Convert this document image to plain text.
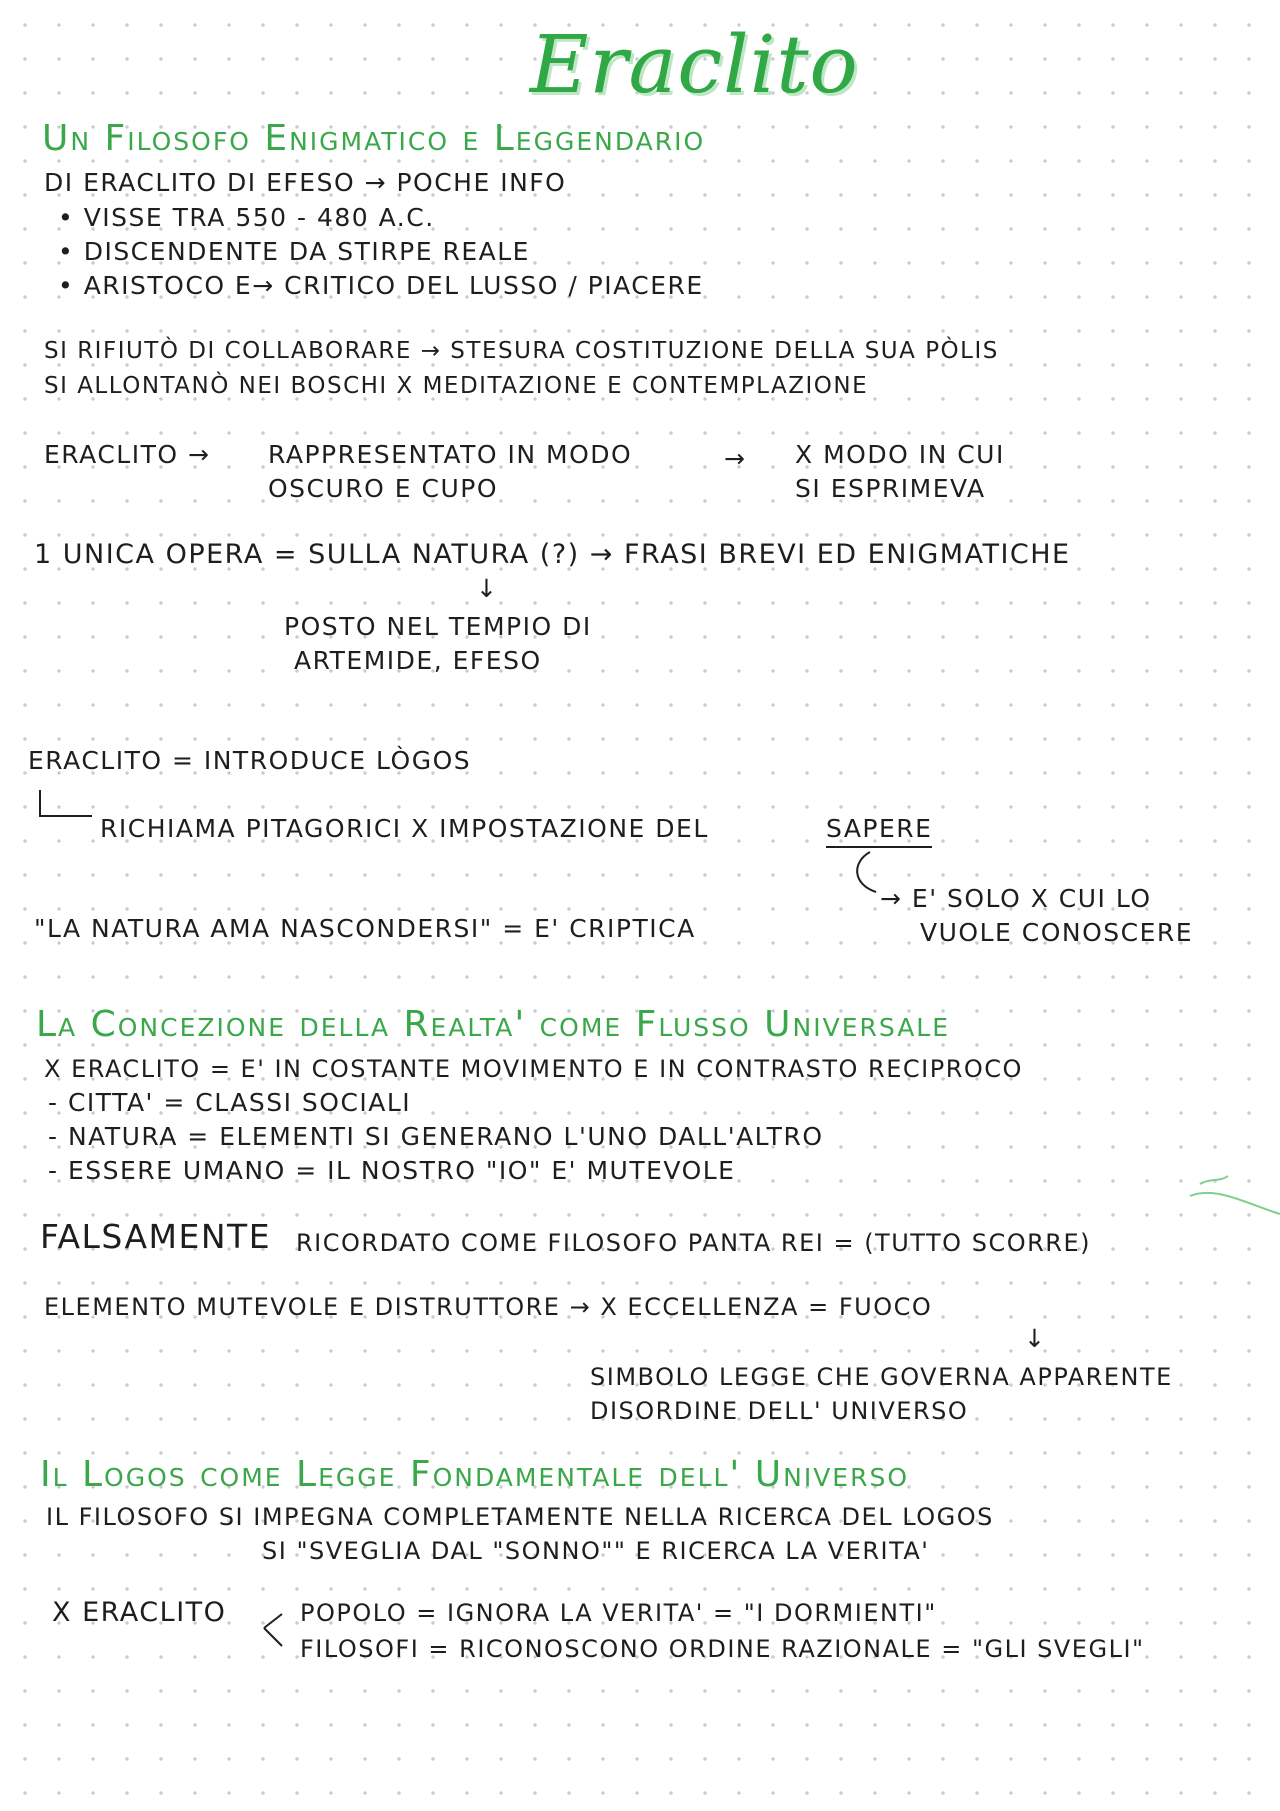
Eraclito
Un Filosofo Enigmatico e Leggendario
DI ERACLITO DI EFESO → POCHE INFO
• VISSE TRA 550 - 480 A.C.
• DISCENDENTE DA STIRPE REALE
• ARISTOCO E→ CRITICO DEL LUSSO / PIACERE
SI RIFIUTÒ DI COLLABORARE → STESURA COSTITUZIONE DELLA SUA PÒLIS
SI ALLONTANÒ NEI BOSCHI X MEDITAZIONE E CONTEMPLAZIONE
ERACLITO → RAPPRESENTATO IN MODO
OSCURO E CUPO
→ X MODO IN CUI
SI ESPRIMEVA
1 UNICA OPERA = SULLA NATURA (?) → FRASI BREVI ED ENIGMATICHE
↓
POSTO NEL TEMPIO DI
ARTEMIDE, EFESO
ERACLITO = INTRODUCE LÒGOS
RICHIAMA PITAGORICI X IMPOSTAZIONE DEL	SAPERE
→ E' SOLO X CUI LO
VUOLE CONOSCERE
"LA NATURA AMA NASCONDERSI" = E' CRIPTICA
La Concezione della Realta' come Flusso Universale
X ERACLITO = E' IN COSTANTE MOVIMENTO E IN CONTRASTO RECIPROCO
- CITTA' = CLASSI SOCIALI
- NATURA = ELEMENTI SI GENERANO L'UNO DALL'ALTRO
- ESSERE UMANO = IL NOSTRO "IO" E' MUTEVOLE
FALSAMENTE RICORDATO COME FILOSOFO PANTA REI = (TUTTO SCORRE)
ELEMENTO MUTEVOLE E DISTRUTTORE → X ECCELLENZA = FUOCO
↓
SIMBOLO LEGGE CHE GOVERNA APPARENTE
DISORDINE DELL' UNIVERSO
Il Logos come Legge Fondamentale dell' Universo
IL FILOSOFO SI IMPEGNA COMPLETAMENTE NELLA RICERCA DEL LOGOS
SI "SVEGLIA DAL "SONNO"" E RICERCA LA VERITA'
X ERACLITO	POPOLO = IGNORA LA VERITA' = "I DORMIENTI"
FILOSOFI = RICONOSCONO ORDINE RAZIONALE = "GLI SVEGLI"
